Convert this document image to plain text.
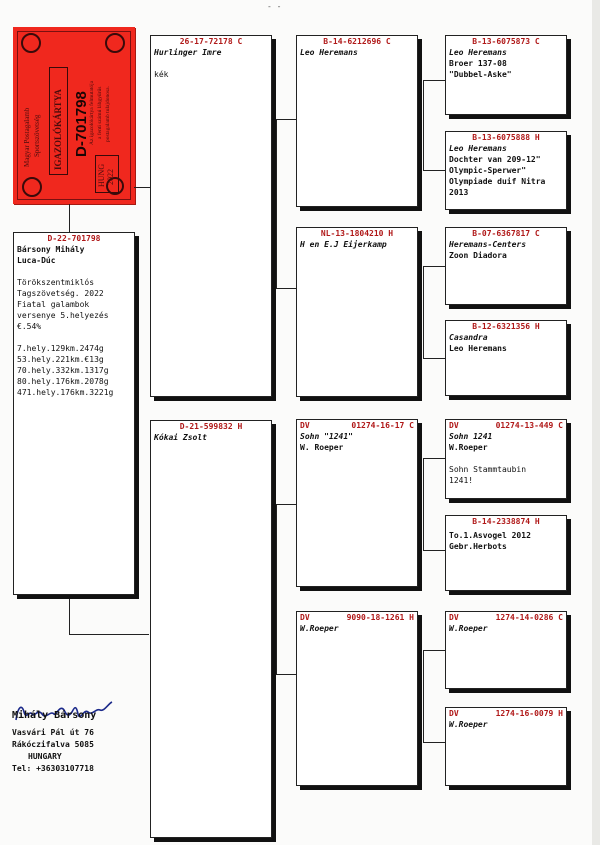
- -
Magyar Postagalamb Sportszövetség IGAZOLÓKÁRTYA D-701798
HUNG 2022
Az igazolókártya felmutatója a fenti számú lábgyűrűs postagalamb tulajdonosa.
D-22-701798
Bársony Mihály
Luca-Dúc
Törökszentmiklós
Tagszövetség. 2022
Fiatal galambok
versenye 5.helyezés
€.54%

7.hely.129km.2474g
53.hely.221km.€13g
70.hely.332km.1317g
80.hely.176km.2078g
471.hely.176km.3221g
26-17-72178 C
Hurlinger Imre

kék
D-21-599832 H
Kókai Zsolt
B-14-6212696 C
Leo Heremans
NL-13-1804210 H
H en E.J Eijerkamp
DV	01274-16-17 C
Sohn "1241"
W. Roeper
DV	9090-18-1261 H
W.Roeper
B-13-6075873 C
Leo Heremans
Broer 137-08
"Dubbel-Aske"
B-13-6075888 H
Leo Heremans
Dochter van 209-12"
Olympic-Sperwer"
Olympiade duif Nitra
2013
B-07-6367817 C
Heremans-Centers
Zoon Diadora
B-12-6321356 H
Casandra
Leo Heremans
DV	01274-13-449 C
Sohn 1241
W.Roeper

Sohn Stammtaubin
1241!
B-14-2338874 H
To.1.Asvogel 2012
Gebr.Herbots
DV	1274-14-0286 C
W.Roeper
DV	1274-16-0079 H
W.Roeper
Mihály Bársony
Vasvári Pál út 76
Rákóczifalva 5085
HUNGARY
Tel: +36303107718
